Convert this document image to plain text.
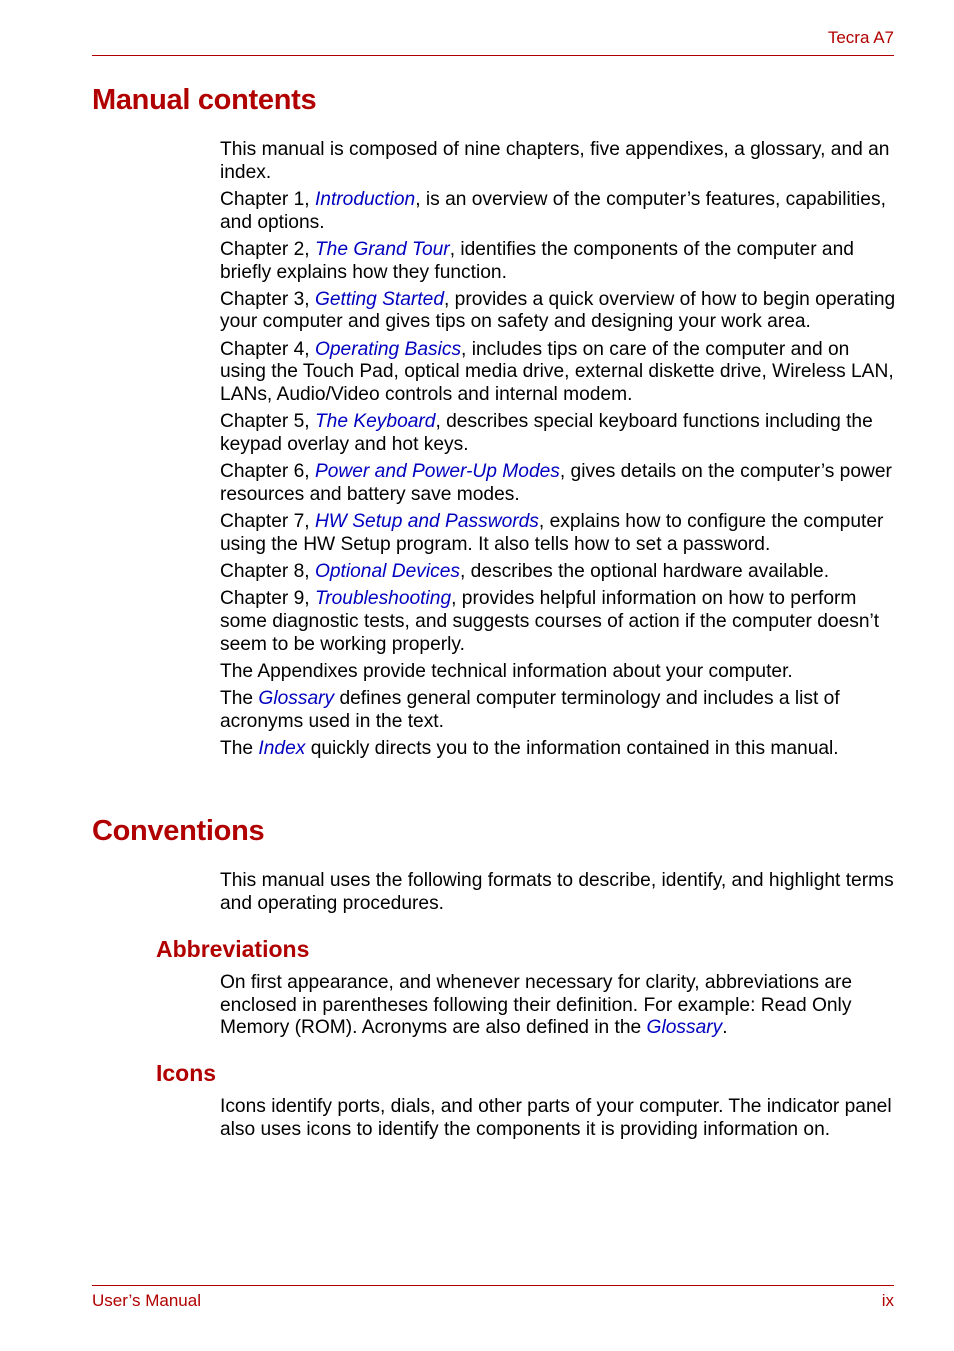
Tecra A7
Manual contents

This manual is composed of nine chapters, five appendixes, a glossary, and an index.

Chapter 1, Introduction, is an overview of the computer’s features, capabilities, and options.

Chapter 2, The Grand Tour, identifies the components of the computer and briefly explains how they function.

Chapter 3, Getting Started, provides a quick overview of how to begin operating your computer and gives tips on safety and designing your work area.

Chapter 4, Operating Basics, includes tips on care of the computer and on using the Touch Pad, optical media drive, external diskette drive, Wireless LAN, LANs, Audio/Video controls and internal modem.

Chapter 5, The Keyboard, describes special keyboard functions including the keypad overlay and hot keys.

Chapter 6, Power and Power-Up Modes, gives details on the computer’s power resources and battery save modes.

Chapter 7, HW Setup and Passwords, explains how to configure the computer using the HW Setup program. It also tells how to set a password.

Chapter 8, Optional Devices, describes the optional hardware available.

Chapter 9, Troubleshooting, provides helpful information on how to perform some diagnostic tests, and suggests courses of action if the computer doesn’t seem to be working properly.

The Appendixes provide technical information about your computer.

The Glossary defines general computer terminology and includes a list of acronyms used in the text.

The Index quickly directs you to the information contained in this manual.

Conventions

This manual uses the following formats to describe, identify, and highlight terms and operating procedures.

Abbreviations

On first appearance, and whenever necessary for clarity, abbreviations are enclosed in parentheses following their definition. For example: Read Only Memory (ROM). Acronyms are also defined in the Glossary.

Icons

Icons identify ports, dials, and other parts of your computer. The indicator panel also uses icons to identify the components it is providing information on.

User’s Manual	ix
